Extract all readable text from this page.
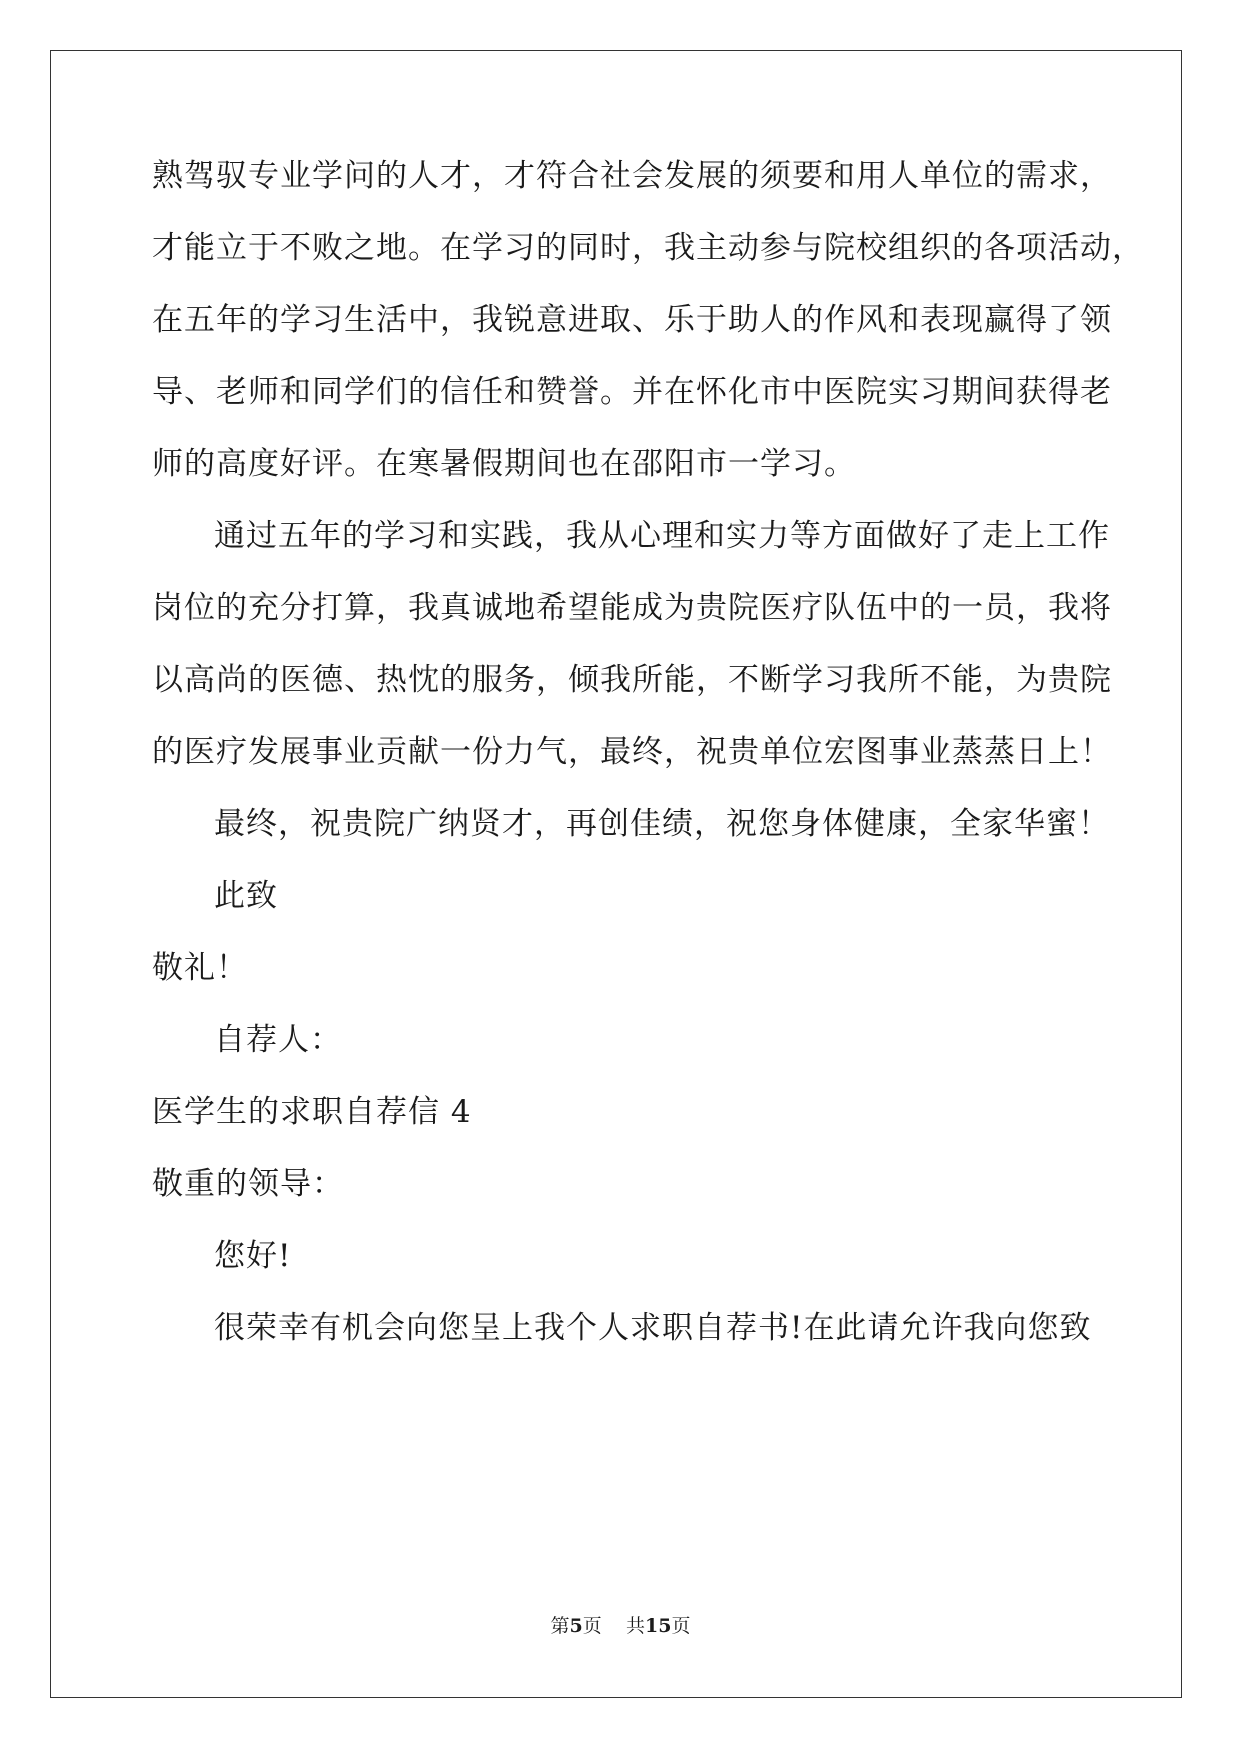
熟驾驭专业学问的人才，才符合社会发展的须要和用人单位的需求，
才能立于不败之地。在学习的同时，我主动参与院校组织的各项活动，
在五年的学习生活中，我锐意进取、乐于助人的作风和表现赢得了领
导、老师和同学们的信任和赞誉。并在怀化市中医院实习期间获得老
师的高度好评。在寒暑假期间也在邵阳市一学习。
通过五年的学习和实践，我从心理和实力等方面做好了走上工作
岗位的充分打算，我真诚地希望能成为贵院医疗队伍中的一员，我将
以高尚的医德、热忱的服务，倾我所能，不断学习我所不能，为贵院
的医疗发展事业贡献一份力气，最终，祝贵单位宏图事业蒸蒸日上！
最终，祝贵院广纳贤才，再创佳绩，祝您身体健康，全家华蜜！
此致
敬礼！
自荐人：
医学生的求职自荐信 4
敬重的领导：
您好!
很荣幸有机会向您呈上我个人求职自荐书!在此请允许我向您致
第5页 共15页
